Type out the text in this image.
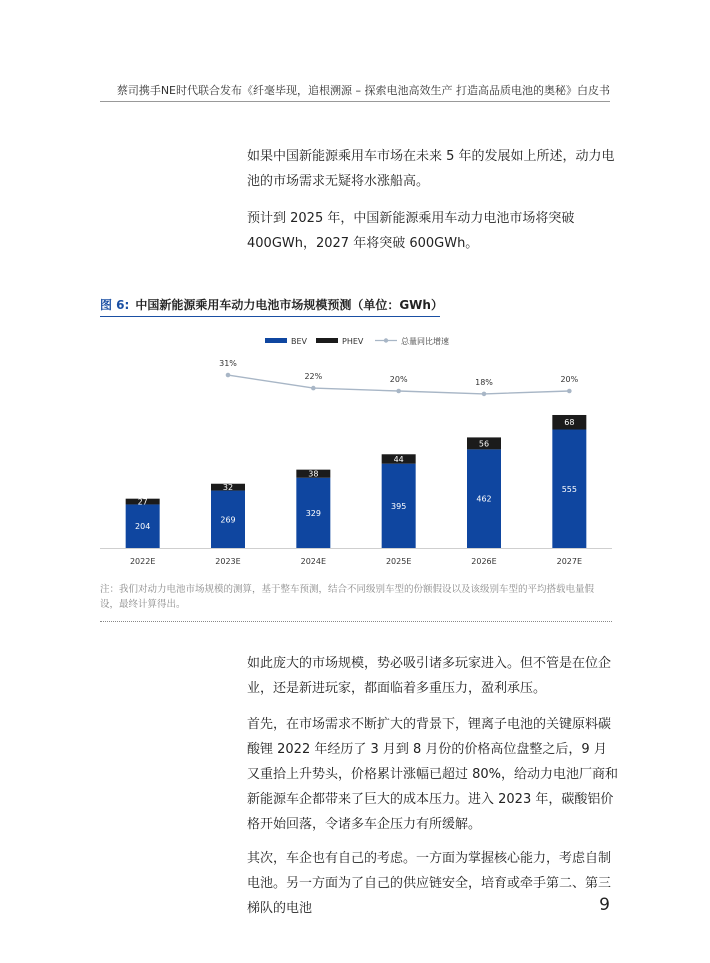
蔡司携手NE时代联合发布《纤毫毕现，追根溯源 – 探索电池高效生产 打造高品质电池的奥秘》白皮书

如果中国新能源乘用车市场在未来 5 年的发展如上所述，动力电池的市场需求无疑将水涨船高。

预计到 2025 年，中国新能源乘用车动力电池市场将突破 400GWh，2027 年将突破 600GWh。

图 6: 中国新能源乘用车动力电池市场规模预测（单位：GWh）
BEV	PHEV	总量同比增速
204
27
2022E
269
32
2023E
329
38
2024E
395
44
2025E
462
56
2026E
555
68
2027E
31%
22%	20%	18%	20%
注：我们对动力电池市场规模的测算，基于整车预测，结合不同级别车型的份额假设以及该级别车型的平均搭载电量假设，最终计算得出。

如此庞大的市场规模，势必吸引诸多玩家进入。但不管是在位企业，还是新进玩家，都面临着多重压力，盈利承压。

首先，在市场需求不断扩大的背景下，锂离子电池的关键原料碳酸锂 2022 年经历了 3 月到 8 月份的价格高位盘整之后，9 月又重拾上升势头，价格累计涨幅已超过 80%，给动力电池厂商和新能源车企都带来了巨大的成本压力。进入 2023 年，碳酸铝价格开始回落，令诸多车企压力有所缓解。

其次，车企也有自己的考虑。一方面为掌握核心能力，考虑自制电池。另一方面为了自己的供应链安全，培育或牵手第二、第三梯队的电池	9
